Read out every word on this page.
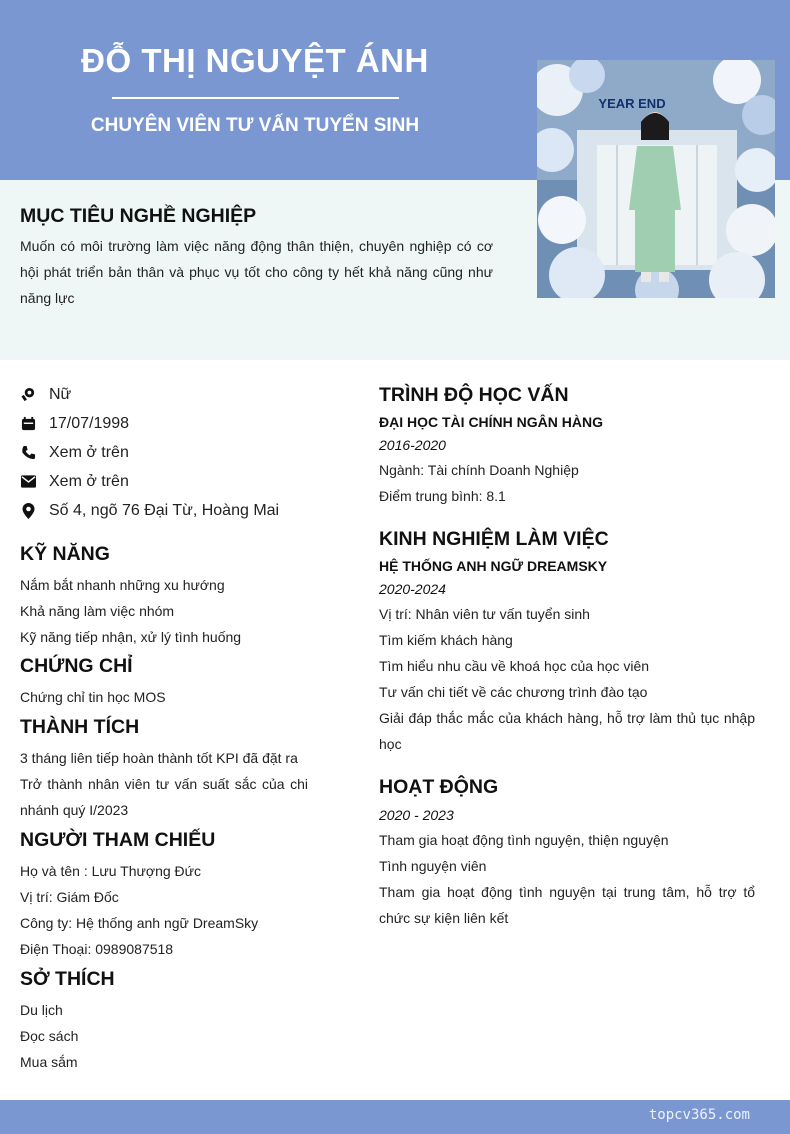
ĐỖ THỊ NGUYỆT ÁNH
CHUYÊN VIÊN TƯ VẤN TUYỂN SINH
MỤC TIÊU NGHỀ NGHIỆP
Muốn có môi trường làm việc năng động thân thiện, chuyên nghiệp có cơ hội phát triển bản thân và phục vụ tốt cho công ty hết khả năng cũng như năng lực
YEAR END
Nữ
17/07/1998
Xem ở trên
Xem ở trên
Số 4, ngõ 76 Đại Từ, Hoàng Mai
KỸ NĂNG
Nắm bắt nhanh những xu hướng
Khả năng làm việc nhóm
Kỹ năng tiếp nhận, xử lý tình huống
CHỨNG CHỈ
Chứng chỉ tin học MOS
THÀNH TÍCH
3 tháng liên tiếp hoàn thành tốt KPI đã đặt ra
Trở thành nhân viên tư vấn suất sắc của chi nhánh quý I/2023
NGƯỜI THAM CHIẾU
Họ và tên : Lưu Thượng Đức
Vị trí: Giám Đốc
Công ty: Hệ thống anh ngữ DreamSky
Điện Thoại: 0989087518
SỞ THÍCH
Du lịch
Đọc sách
Mua sắm
TRÌNH ĐỘ HỌC VẤN
ĐẠI HỌC TÀI CHÍNH NGÂN HÀNG
2016-2020
Ngành: Tài chính Doanh Nghiệp
Điểm trung bình: 8.1
KINH NGHIỆM LÀM VIỆC
HỆ THỐNG ANH NGỮ DREAMSKY
2020-2024
Vị trí: Nhân viên tư vấn tuyển sinh
Tìm kiếm khách hàng
Tìm hiểu nhu cầu về khoá học của học viên
Tư vấn chi tiết về các chương trình đào tạo
Giải đáp thắc mắc của khách hàng, hỗ trợ làm thủ tục nhập học
HOẠT ĐỘNG
2020 - 2023
Tham gia hoạt động tình nguyện, thiện nguyện
Tình nguyện viên
Tham gia hoạt động tình nguyện tại trung tâm, hỗ trợ tổ chức sự kiện liên kết
topcv365.com
